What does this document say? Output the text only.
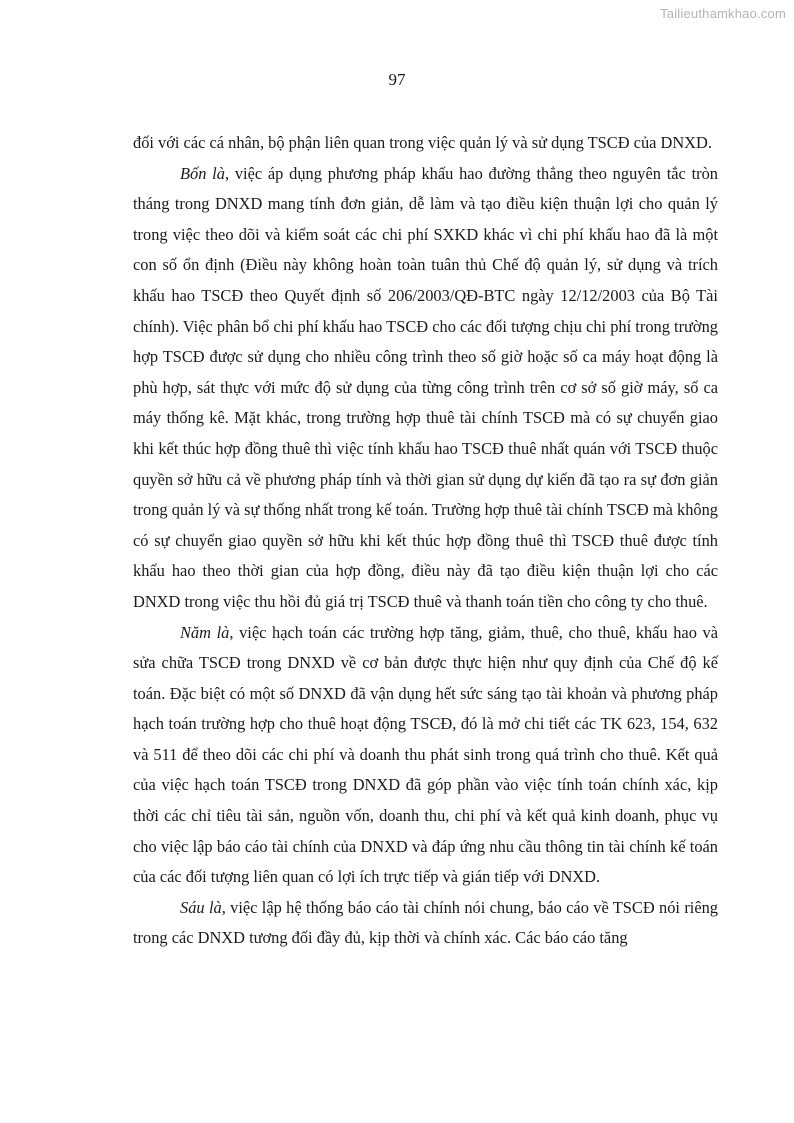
Tailieuthamkhao.com
97

đối với các cá nhân, bộ phận liên quan trong việc quản lý và sử dụng TSCĐ của DNXD.

Bốn là, việc áp dụng phương pháp khấu hao đường thẳng theo nguyên tắc tròn tháng trong DNXD mang tính đơn giản, dễ làm và tạo điều kiện thuận lợi cho quản lý trong việc theo dõi và kiểm soát các chi phí SXKD khác vì chi phí khấu hao đã là một con số ổn định (Điều này không hoàn toàn tuân thủ Chế độ quản lý, sử dụng và trích khấu hao TSCĐ theo Quyết định số 206/2003/QĐ-BTC ngày 12/12/2003 của Bộ Tài chính). Việc phân bổ chi phí khấu hao TSCĐ cho các đối tượng chịu chi phí trong trường hợp TSCĐ được sử dụng cho nhiều công trình theo số giờ hoặc số ca máy hoạt động là phù hợp, sát thực với mức độ sử dụng của từng công trình trên cơ sở số giờ máy, số ca máy thống kê. Mặt khác, trong trường hợp thuê tài chính TSCĐ mà có sự chuyển giao khi kết thúc hợp đồng thuê thì việc tính khấu hao TSCĐ thuê nhất quán với TSCĐ thuộc quyền sở hữu cả về phương pháp tính và thời gian sử dụng dự kiến đã tạo ra sự đơn giản trong quản lý và sự thống nhất trong kế toán. Trường hợp thuê tài chính TSCĐ mà không có sự chuyển giao quyền sở hữu khi kết thúc hợp đồng thuê thì TSCĐ thuê được tính khấu hao theo thời gian của hợp đồng, điều này đã tạo điều kiện thuận lợi cho các DNXD trong việc thu hồi đủ giá trị TSCĐ thuê và thanh toán tiền cho công ty cho thuê.

Năm là, việc hạch toán các trường hợp tăng, giảm, thuê, cho thuê, khấu hao và sửa chữa TSCĐ trong DNXD về cơ bản được thực hiện như quy định của Chế độ kế toán. Đặc biệt có một số DNXD đã vận dụng hết sức sáng tạo tài khoản và phương pháp hạch toán trường hợp cho thuê hoạt động TSCĐ, đó là mở chi tiết các TK 623, 154, 632 và 511 để theo dõi các chi phí và doanh thu phát sinh trong quá trình cho thuê. Kết quả của việc hạch toán TSCĐ trong DNXD đã góp phần vào việc tính toán chính xác, kịp thời các chỉ tiêu tài sản, nguồn vốn, doanh thu, chi phí và kết quả kinh doanh, phục vụ cho việc lập báo cáo tài chính của DNXD và đáp ứng nhu cầu thông tin tài chính kế toán của các đối tượng liên quan có lợi ích trực tiếp và gián tiếp với DNXD.

Sáu là, việc lập hệ thống báo cáo tài chính nói chung, báo cáo về TSCĐ nói riêng trong các DNXD tương đối đầy đủ, kịp thời và chính xác. Các báo cáo tăng
